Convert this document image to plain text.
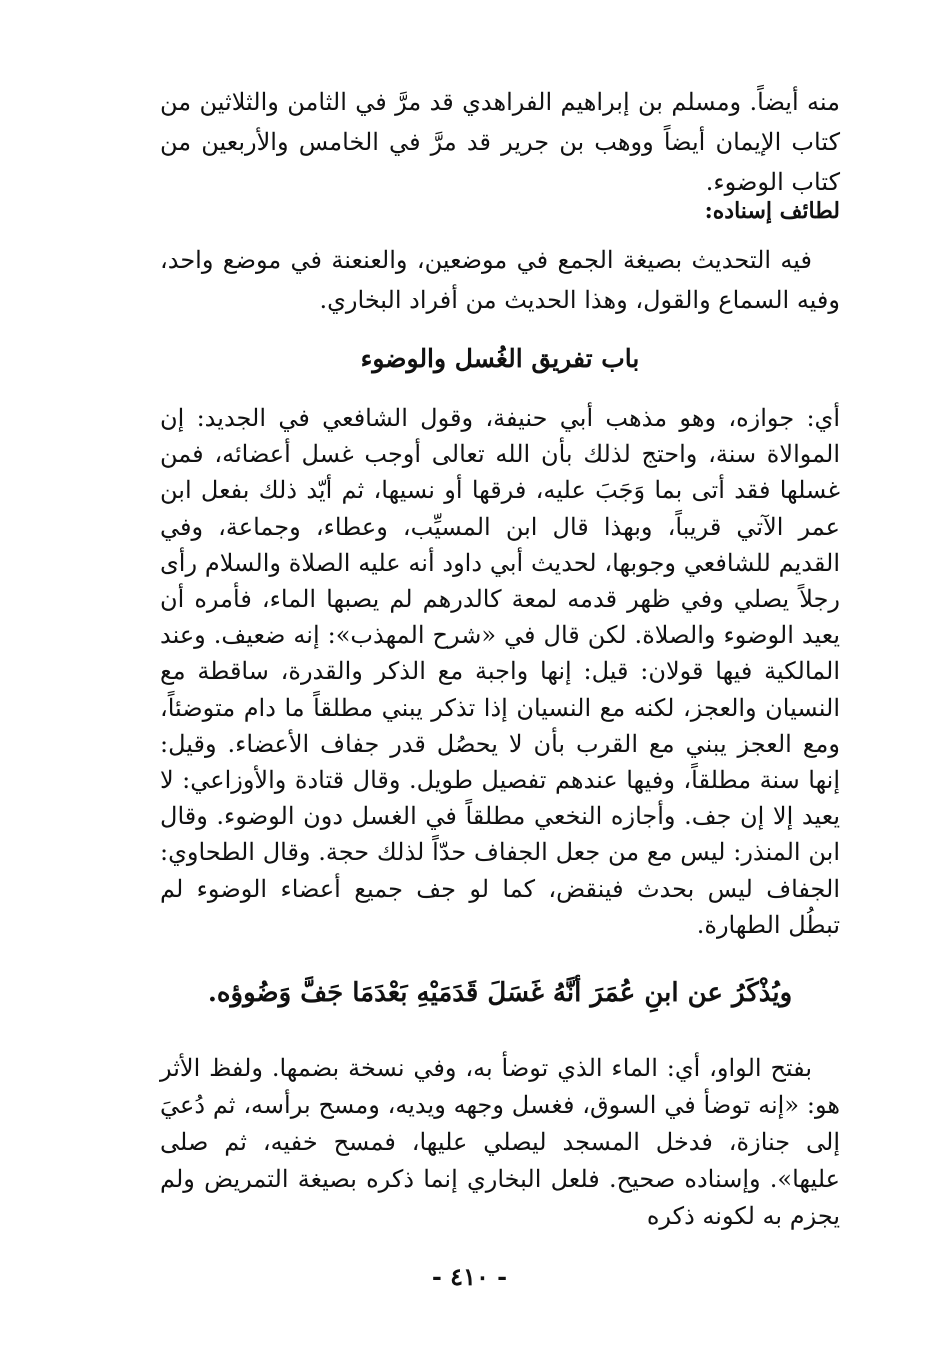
منه أيضاً. ومسلم بن إبراهيم الفراهدي قد مرَّ في الثامن والثلاثين من كتاب الإيمان أيضاً ووهب بن جرير قد مرَّ في الخامس والأربعين من كتاب الوضوء.

لطائف إسناده:

فيه التحديث بصيغة الجمع في موضعين، والعنعنة في موضع واحد، وفيه السماع والقول، وهذا الحديث من أفراد البخاري.

باب تفريق الغُسل والوضوء

أي: جوازه، وهو مذهب أبي حنيفة، وقول الشافعي في الجديد: إن الموالاة سنة، واحتج لذلك بأن الله تعالى أوجب غسل أعضائه، فمن غسلها فقد أتى بما وَجَبَ عليه، فرقها أو نسيها، ثم أيّد ذلك بفعل ابن عمر الآتي قريباً، وبهذا قال ابن المسيِّب، وعطاء، وجماعة، وفي القديم للشافعي وجوبها، لحديث أبي داود أنه عليه الصلاة والسلام رأى رجلاً يصلي وفي ظهر قدمه لمعة كالدرهم لم يصبها الماء، فأمره أن يعيد الوضوء والصلاة. لكن قال في «شرح المهذب»: إنه ضعيف. وعند المالكية فيها قولان: قيل: إنها واجبة مع الذكر والقدرة، ساقطة مع النسيان والعجز، لكنه مع النسيان إذا تذكر يبني مطلقاً ما دام متوضئاً، ومع العجز يبني مع القرب بأن لا يحصُل قدر جفاف الأعضاء. وقيل: إنها سنة مطلقاً، وفيها عندهم تفصيل طويل. وقال قتادة والأوزاعي: لا يعيد إلا إن جف. وأجازه النخعي مطلقاً في الغسل دون الوضوء. وقال ابن المنذر: ليس مع من جعل الجفاف حدّاً لذلك حجة. وقال الطحاوي: الجفاف ليس بحدث فينقض، كما لو جف جميع أعضاء الوضوء لم تبطُل الطهارة.

ويُذْكَرُ عن ابنِ عُمَرَ أنَّهُ غَسَلَ قَدَمَيْهِ بَعْدَمَا جَفَّ وَضُوؤه.

بفتح الواو، أي: الماء الذي توضأ به، وفي نسخة بضمها. ولفظ الأثر هو: «إنه توضأ في السوق، فغسل وجهه ويديه، ومسح برأسه، ثم دُعيَ إلى جنازة، فدخل المسجد ليصلي عليها، فمسح خفيه، ثم صلى عليها». وإسناده صحيح. فلعل البخاري إنما ذكره بصيغة التمريض ولم يجزم به لكونه ذكره

- ٤١٠ -
